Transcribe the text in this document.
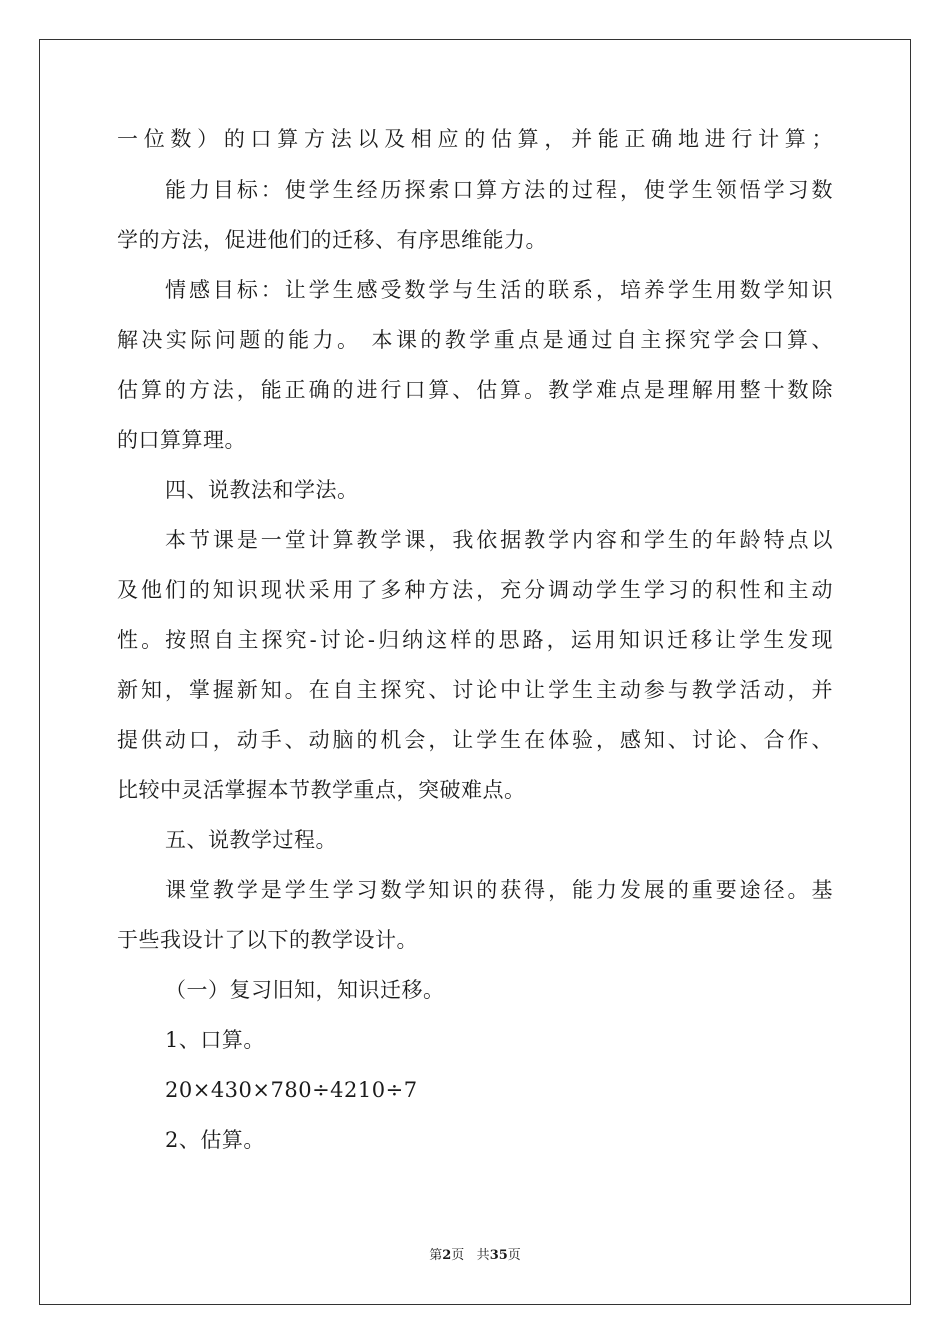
一位数）的口算方法以及相应的估算，并能正确地进行计算；
能力目标：使学生经历探索口算方法的过程，使学生领悟学习数
学的方法，促进他们的迁移、有序思维能力。
情感目标：让学生感受数学与生活的联系，培养学生用数学知识
解决实际问题的能力。 本课的教学重点是通过自主探究学会口算、
估算的方法，能正确的进行口算、估算。教学难点是理解用整十数除
的口算算理。
四、说教法和学法。
本节课是一堂计算教学课，我依据教学内容和学生的年龄特点以
及他们的知识现状采用了多种方法，充分调动学生学习的积性和主动
性。按照自主探究-讨论-归纳这样的思路，运用知识迁移让学生发现
新知，掌握新知。在自主探究、讨论中让学生主动参与教学活动，并
提供动口，动手、动脑的机会，让学生在体验，感知、讨论、合作、
比较中灵活掌握本节教学重点，突破难点。
五、说教学过程。
课堂教学是学生学习数学知识的获得，能力发展的重要途径。基
于些我设计了以下的教学设计。
（一）复习旧知，知识迁移。
1、口算。
20×430×780÷4210÷7
2、估算。
第2页 共35页
